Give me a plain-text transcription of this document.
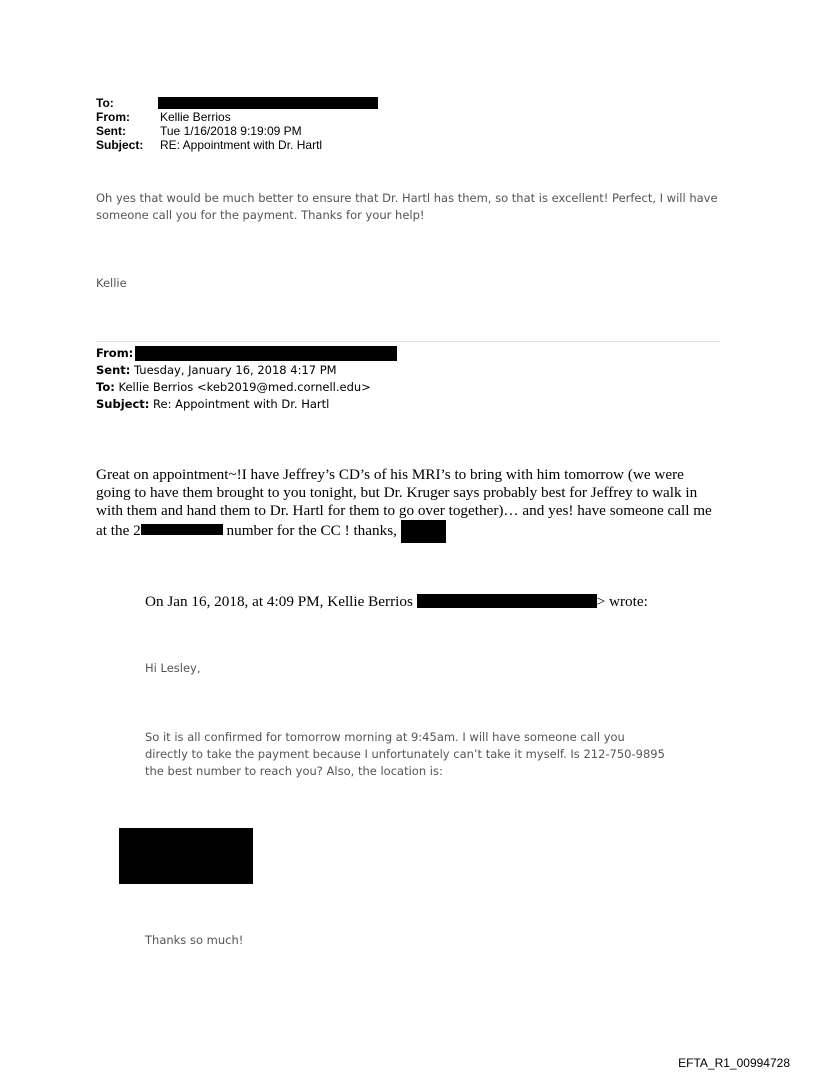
To:
From:	Kellie Berrios
Sent:	Tue 1/16/2018 9:19:09 PM
Subject:	RE: Appointment with Dr. Hartl
Oh yes that would be much better to ensure that Dr. Hartl has them, so that is excellent! Perfect, I will have someone call you for the payment. Thanks for your help!
Kellie
From:
Sent: Tuesday, January 16, 2018 4:17 PM
To: Kellie Berrios <keb2019@med.cornell.edu>
Subject: Re: Appointment with Dr. Hartl
Great on appointment~!I have Jeffrey’s CD’s of his MRI’s to bring with him tomorrow (we were going to have them brought to you tonight, but Dr. Kruger says probably best for Jeffrey to walk in with them and hand them to Dr. Hartl for them to go over together)… and yes! have someone call me at the 2	number for the CC ! thanks,
On Jan 16, 2018, at 4:09 PM, Kellie Berrios	> wrote:
Hi Lesley,
So it is all confirmed for tomorrow morning at 9:45am. I will have someone call you directly to take the payment because I unfortunately can’t take it myself. Is 212-750-9895 the best number to reach you? Also, the location is:
Thanks so much!
EFTA_R1_00994728
